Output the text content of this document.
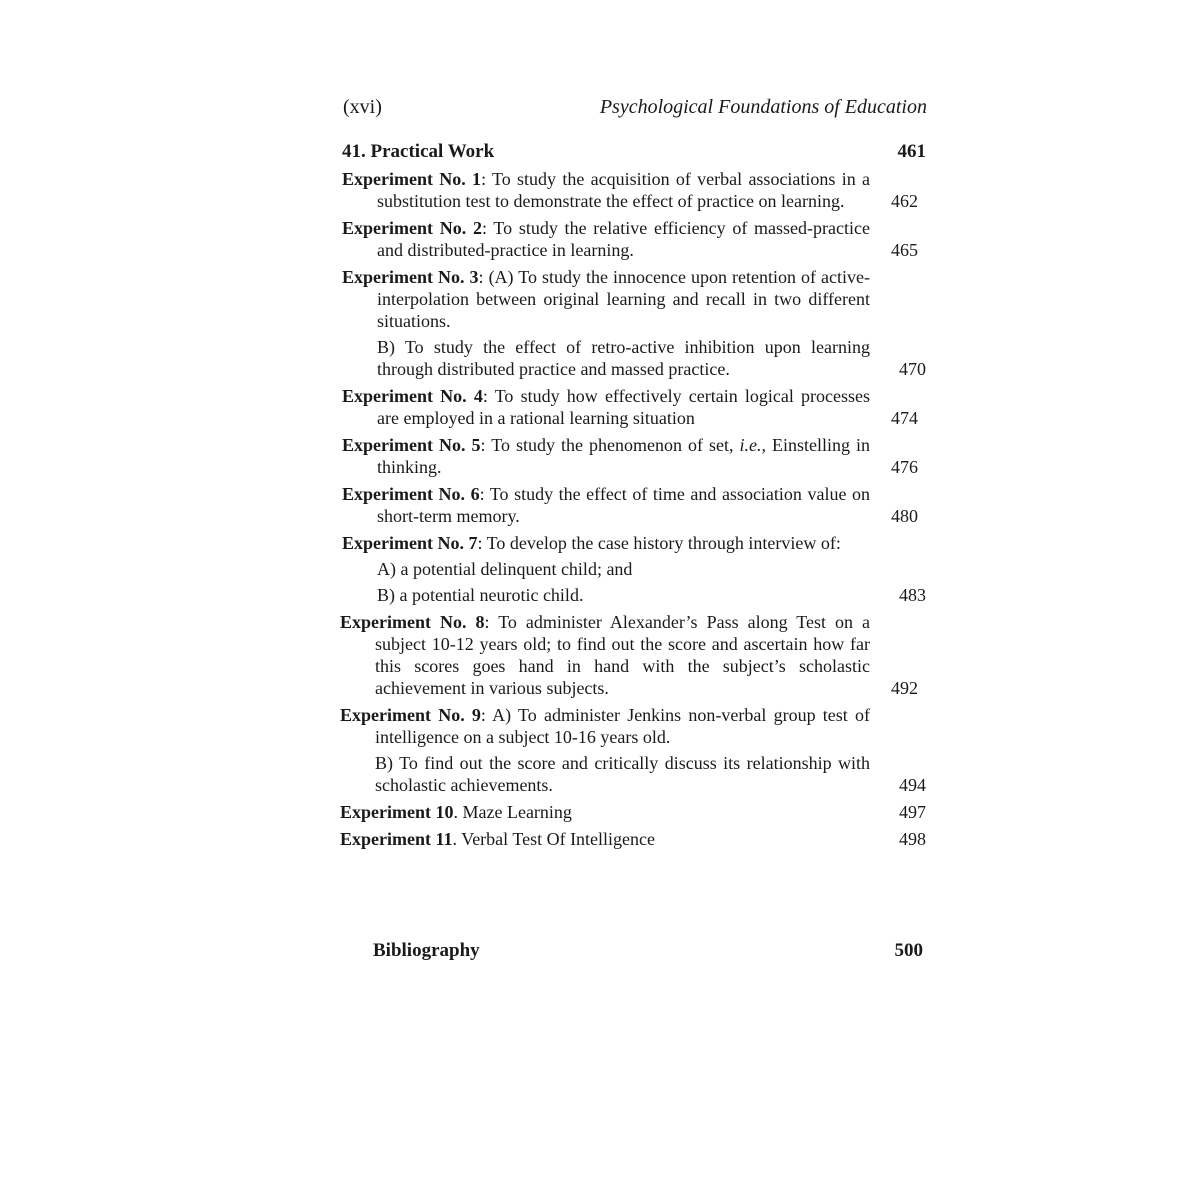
(xvi)	Psychological Foundations of Education
41. Practical Work	461
Experiment No. 1: To study the acquisition of verbal associations in a substitution test to demonstrate the effect of practice on learning.	462
Experiment No. 2: To study the relative efficiency of massed-practice and distributed-practice in learning.	465
Experiment No. 3: (A) To study the innocence upon retention of active-interpolation between original learning and recall in two different situations.
B) To study the effect of retro-active inhibition upon learning through distributed practice and massed practice.	470
Experiment No. 4: To study how effectively certain logical processes are employed in a rational learning situation	474
Experiment No. 5: To study the phenomenon of set, i.e., Einstelling in thinking.	476
Experiment No. 6: To study the effect of time and association value on short-term memory.	480
Experiment No. 7: To develop the case history through interview of:
A) a potential delinquent child; and
B) a potential neurotic child.	483
Experiment No. 8: To administer Alexander’s Pass along Test on a subject 10-12 years old; to find out the score and ascertain how far this scores goes hand in hand with the subject’s scholastic achievement in various subjects.	492
Experiment No. 9: A) To administer Jenkins non-verbal group test of intelligence on a subject 10-16 years old.
B) To find out the score and critically discuss its relationship with scholastic achievements.	494
Experiment 10. Maze Learning	497
Experiment 11. Verbal Test Of Intelligence	498
Bibliography	500
